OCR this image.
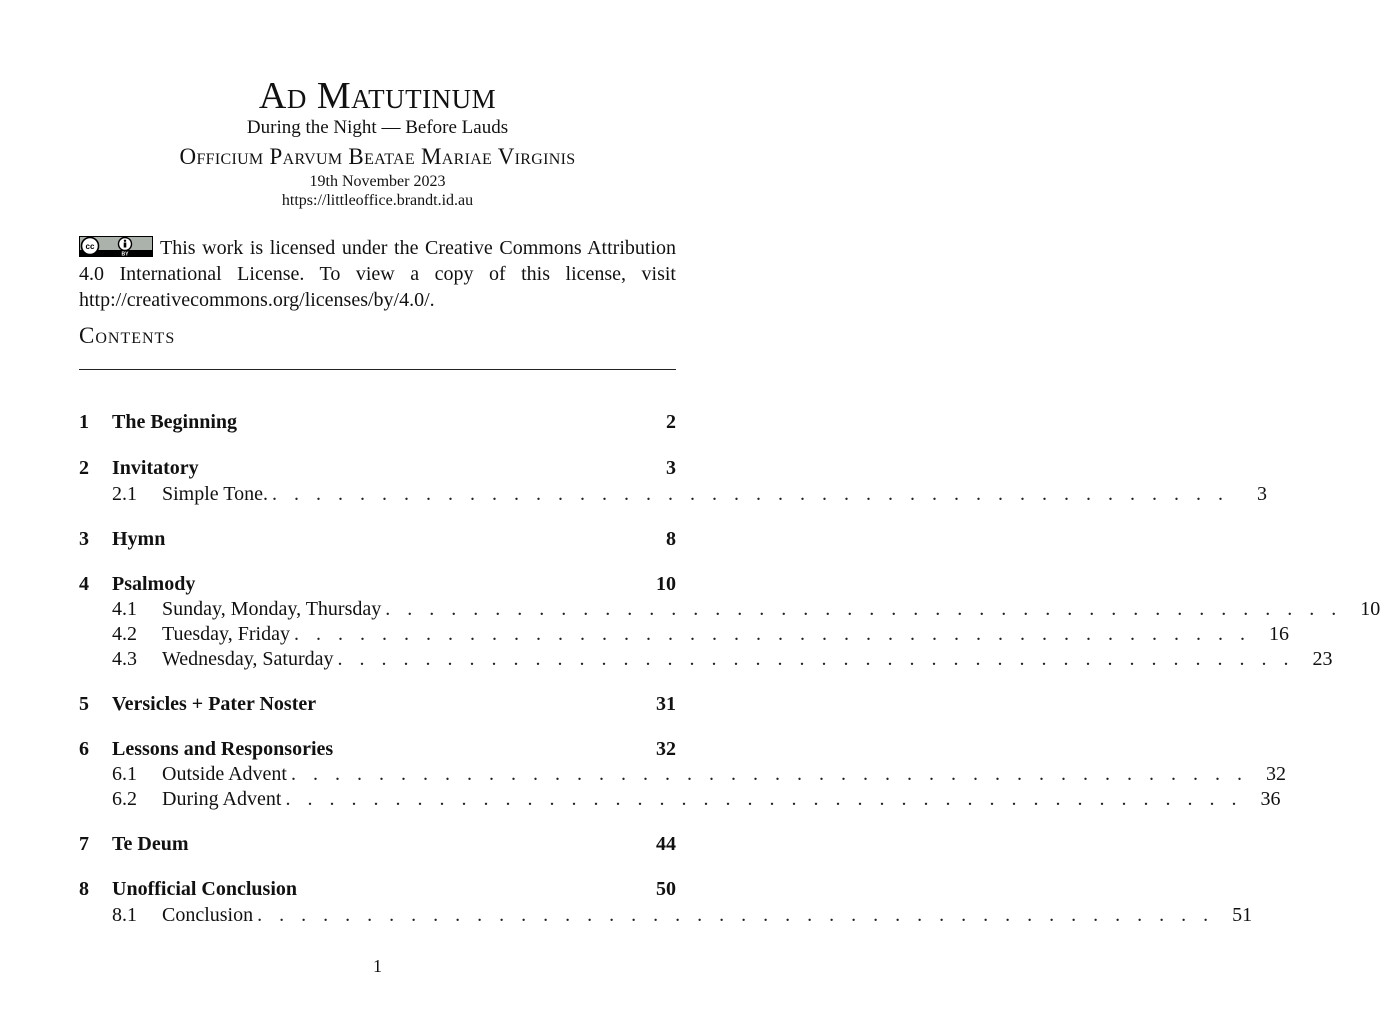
Ad Matutinum
During the Night — Before Lauds
Officium Parvum Beatae Mariae Virginis
19th November 2023
https://littleoffice.brandt.id.au
cc
BY This work is licensed under the Creative Commons Attribution 4.0 International License. To view a copy of this license, visit http://creativecommons.org/licenses/by/4.0/.
Contents
1 The Beginning	2
2 Invitatory	3
2.1 Simple Tone. . . . . . . . . . . . . . . . . . . . . . . . . . . . . . . . . . . . . . . . . . . . .	3
3 Hymn	8
4 Psalmody	10
4.1 Sunday, Monday, Thursday . . . . . . . . . . . . . . . . . . . . . . . . . . . . . . . . . . . . . . . . . . . . 10
4.2 Tuesday, Friday . . . . . . . . . . . . . . . . . . . . . . . . . . . . . . . . . . . . . . . . . . . . 16
4.3 Wednesday, Saturday . . . . . . . . . . . . . . . . . . . . . . . . . . . . . . . . . . . . . . . . . . . . 23
5 Versicles + Pater Noster	31
6 Lessons and Responsories	32
6.1 Outside Advent . . . . . . . . . . . . . . . . . . . . . . . . . . . . . . . . . . . . . . . . . . . . 32
6.2 During Advent . . . . . . . . . . . . . . . . . . . . . . . . . . . . . . . . . . . . . . . . . . . . 36
7 Te Deum	44
8 Unofficial Conclusion	50
8.1 Conclusion . . . . . . . . . . . . . . . . . . . . . . . . . . . . . . . . . . . . . . . . . . . . 51
1
